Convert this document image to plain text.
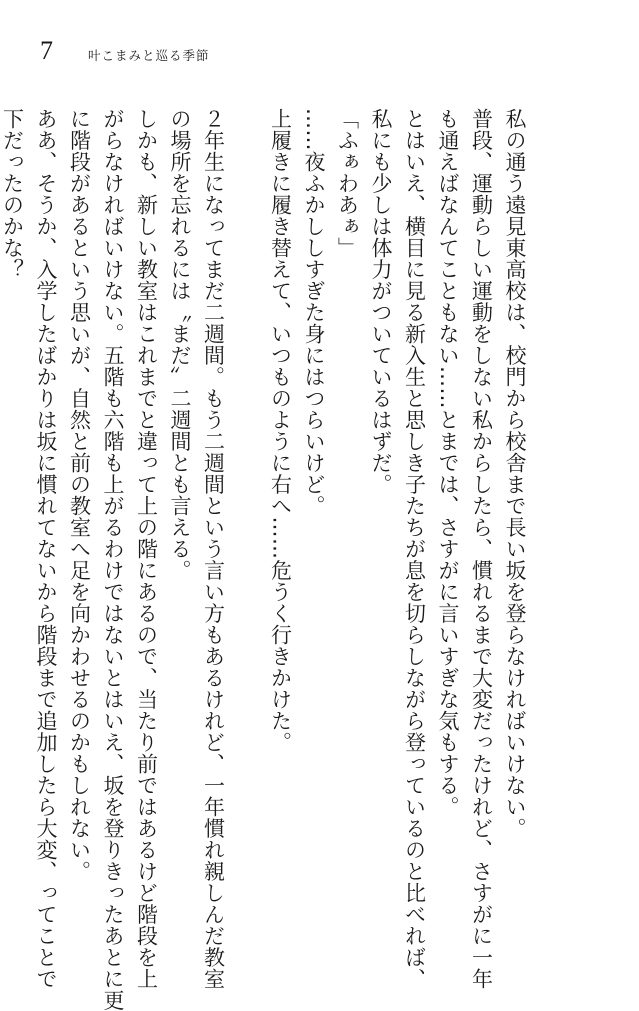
7	叶こまみと巡る季節

私の通う遠見東高校は、校門から校舎まで長い坂を登らなければいけない。

普段、運動らしい運動をしない私からしたら、慣れるまで大変だったけれど、さすがに一年

も通えばなんてこともない……とまでは、さすがに言いすぎな気もする。

とはいえ、横目に見る新入生と思しき子たちが息を切らしながら登っているのと比べれば、

私にも少しは体力がついているはずだ。

「ふぁわあぁ」

……夜ふかししすぎた身にはつらいけど。

上履きに履き替えて、いつものように右へ……危うく行きかけた。

２年生になってまだ二週間。もう二週間という言い方もあるけれど、一年慣れ親しんだ教室

の場所を忘れるには〝まだ〟二週間とも言える。

しかも、新しい教室はこれまでと違って上の階にあるので、当たり前ではあるけど階段を上

がらなければいけない。五階も六階も上がるわけではないとはいえ、坂を登りきったあとに更

に階段があるという思いが、自然と前の教室へ足を向かわせるのかもしれない。

ああ、そうか、入学したばかりは坂に慣れてないから階段まで追加したら大変、ってことで

下だったのかな？
